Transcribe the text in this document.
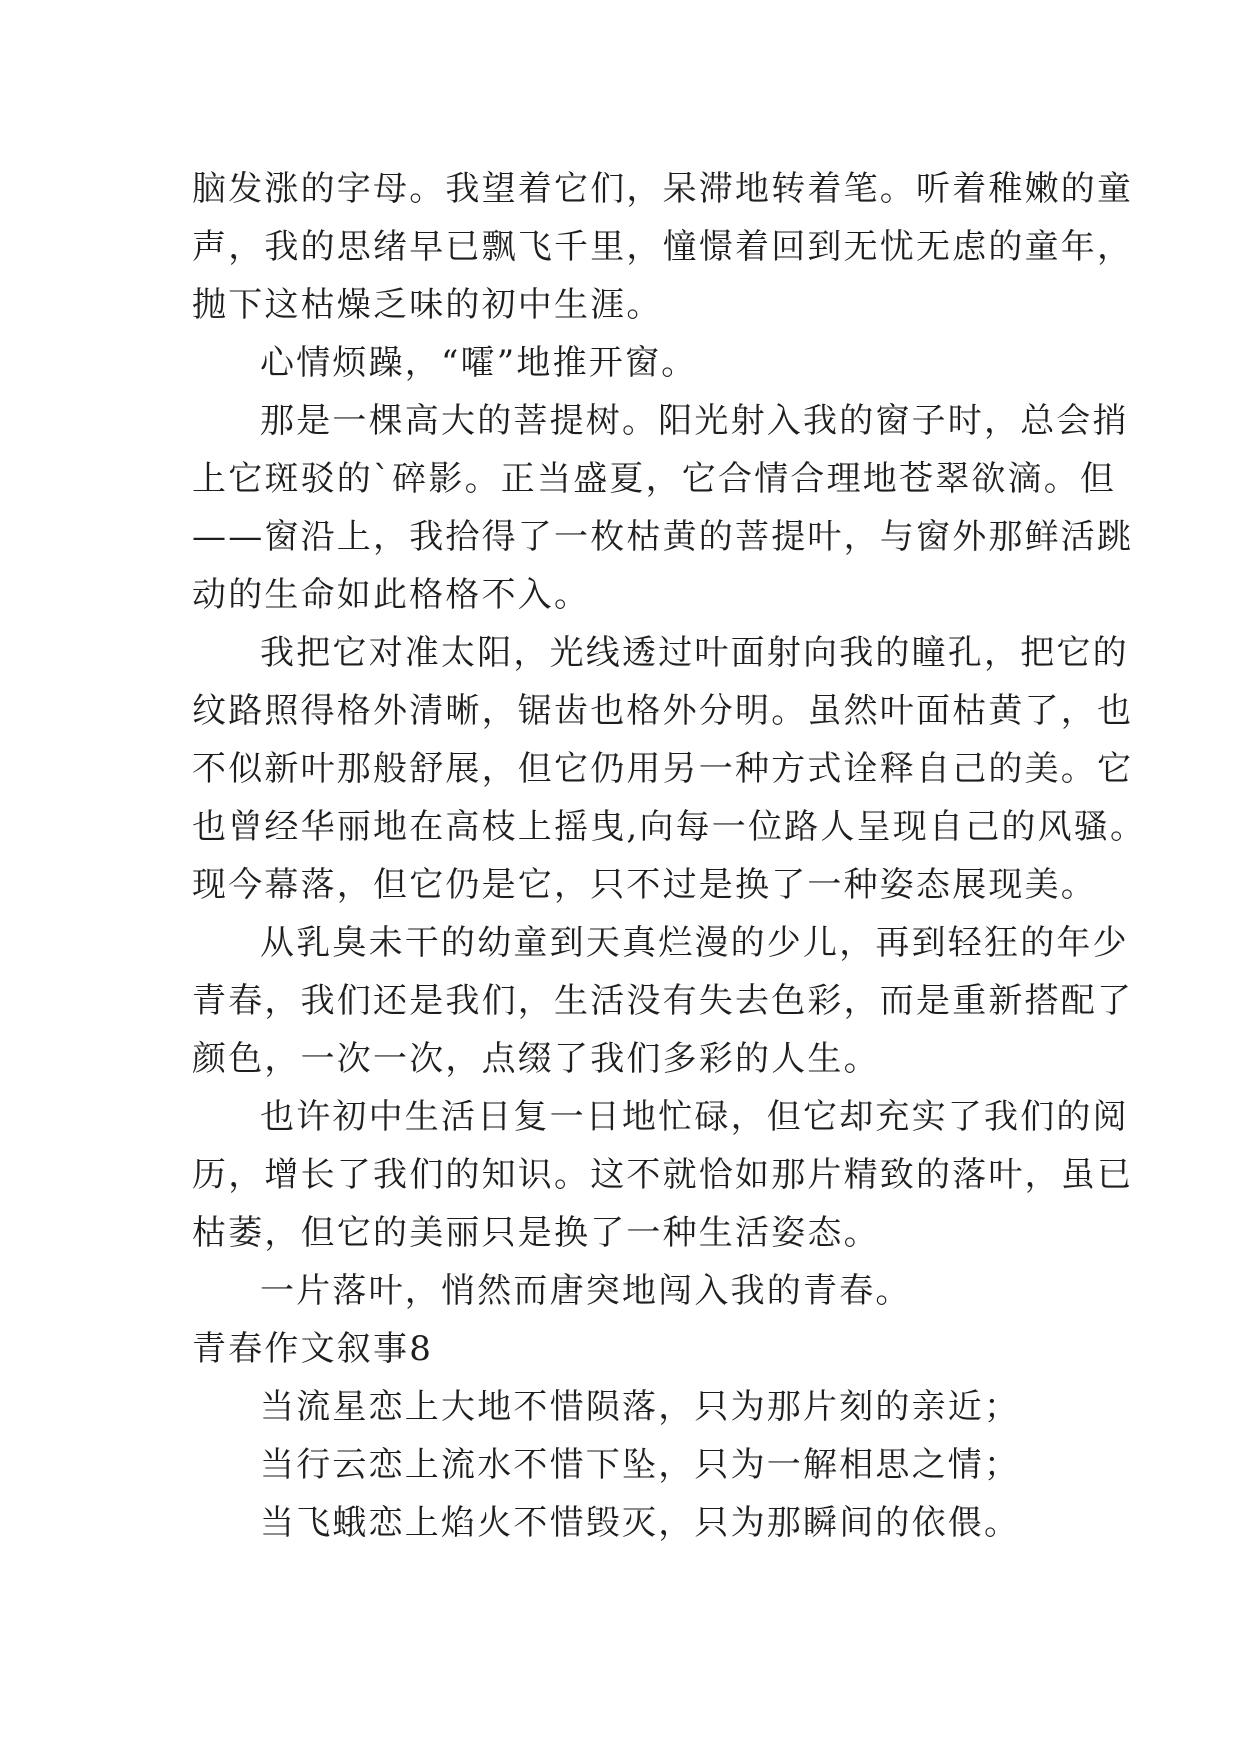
脑发涨的字母。我望着它们，呆滞地转着笔。听着稚嫩的童
声，我的思绪早已飘飞千里，憧憬着回到无忧无虑的童年，
抛下这枯燥乏味的初中生涯。

心情烦躁，“嚯”地推开窗。

那是一棵高大的菩提树。阳光射入我的窗子时，总会捎
上它斑驳的`碎影。正当盛夏，它合情合理地苍翠欲滴。但
——窗沿上，我拾得了一枚枯黄的菩提叶，与窗外那鲜活跳
动的生命如此格格不入。

我把它对准太阳，光线透过叶面射向我的瞳孔，把它的
纹路照得格外清晰，锯齿也格外分明。虽然叶面枯黄了，也
不似新叶那般舒展，但它仍用另一种方式诠释自己的美。它
也曾经华丽地在高枝上摇曳,向每一位路人呈现自己的风骚。
现今幕落，但它仍是它，只不过是换了一种姿态展现美。

从乳臭未干的幼童到天真烂漫的少儿，再到轻狂的年少
青春，我们还是我们，生活没有失去色彩，而是重新搭配了
颜色，一次一次，点缀了我们多彩的人生。

也许初中生活日复一日地忙碌，但它却充实了我们的阅
历，增长了我们的知识。这不就恰如那片精致的落叶，虽已
枯萎，但它的美丽只是换了一种生活姿态。

一片落叶，悄然而唐突地闯入我的青春。

青春作文叙事8

当流星恋上大地不惜陨落，只为那片刻的亲近；

当行云恋上流水不惜下坠，只为一解相思之情；

当飞蛾恋上焰火不惜毁灭，只为那瞬间的依偎。
